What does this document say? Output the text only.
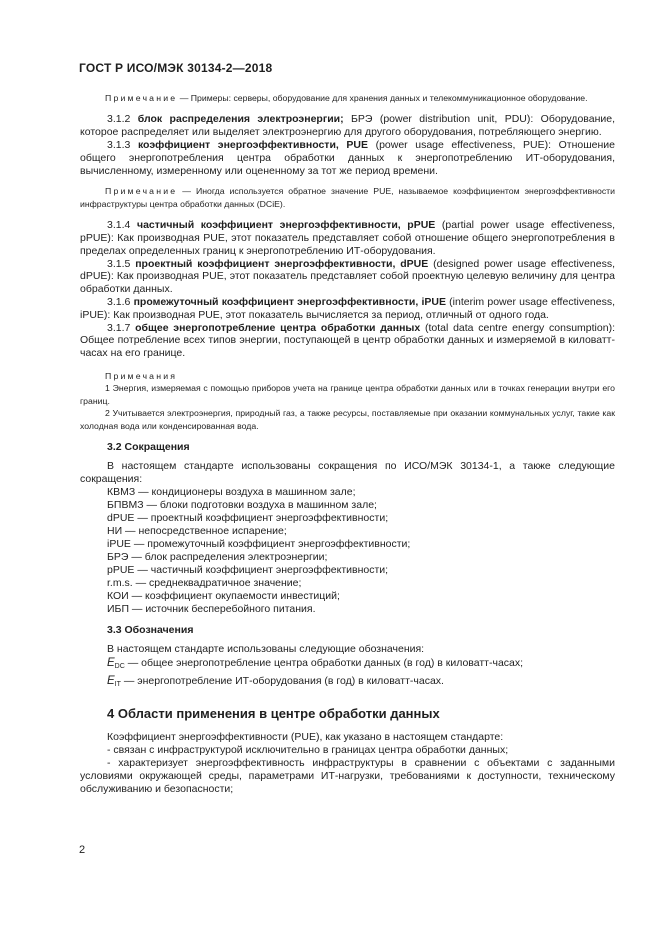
ГОСТ Р ИСО/МЭК 30134-2—2018

Примечание — Примеры: серверы, оборудование для хранения данных и телекоммуникационное оборудование.

3.1.2 блок распределения электроэнергии; БРЭ (power distribution unit, PDU): Оборудование, которое распределяет или выделяет электроэнергию для другого оборудования, потребляющего энергию.

3.1.3 коэффициент энергоэффективности, PUE (power usage effectiveness, PUE): Отношение общего энергопотребления центра обработки данных к энергопотреблению ИТ-оборудования, вычисленному, измеренному или оцененному за тот же период времени.

Примечание — Иногда используется обратное значение PUE, называемое коэффициентом энергоэффективности инфраструктуры центра обработки данных (DCiE).

3.1.4 частичный коэффициент энергоэффективности, pPUE (partial power usage effectiveness, pPUE): Как производная PUE, этот показатель представляет собой отношение общего энергопотребления в пределах определенных границ к энергопотреблению ИТ-оборудования.

3.1.5 проектный коэффициент энергоэффективности, dPUE (designed power usage effectiveness, dPUE): Как производная PUE, этот показатель представляет собой проектную целевую величину для центра обработки данных.

3.1.6 промежуточный коэффициент энергоэффективности, iPUE (interim power usage effectiveness, iPUE): Как производная PUE, этот показатель вычисляется за период, отличный от одного года.

3.1.7 общее энергопотребление центра обработки данных (total data centre energy consumption): Общее потребление всех типов энергии, поступающей в центр обработки данных и измеряемой в киловатт-часах на его границе.

Примечания

1 Энергия, измеряемая с помощью приборов учета на границе центра обработки данных или в точках генерации внутри его границ.

2 Учитывается электроэнергия, природный газ, а также ресурсы, поставляемые при оказании коммунальных услуг, такие как холодная вода или конденсированная вода.

3.2 Сокращения

В настоящем стандарте использованы сокращения по ИСО/МЭК 30134-1, а также следующие сокращения:

КВМЗ — кондиционеры воздуха в машинном зале;

БПВМЗ — блоки подготовки воздуха в машинном зале;

dPUE — проектный коэффициент энергоэффективности;

НИ — непосредственное испарение;

iPUE — промежуточный коэффициент энергоэффективности;

БРЭ — блок распределения электроэнергии;

pPUE — частичный коэффициент энергоэффективности;

r.m.s. — среднеквадратичное значение;

КОИ — коэффициент окупаемости инвестиций;

ИБП — источник бесперебойного питания.

3.3 Обозначения

В настоящем стандарте использованы следующие обозначения:

$E_{DC}$ — общее энергопотребление центра обработки данных (в год) в киловатт-часах;

$E_{IT}$ — энергопотребление ИТ-оборудования (в год) в киловатт-часах.

4 Области применения в центре обработки данных

Коэффициент энергоэффективности (PUE), как указано в настоящем стандарте:

- связан с инфраструктурой исключительно в границах центра обработки данных;

- характеризует энергоэффективность инфраструктуры в сравнении с объектами с заданными условиями окружающей среды, параметрами ИТ-нагрузки, требованиями к доступности, техническому обслуживанию и безопасности;

2
